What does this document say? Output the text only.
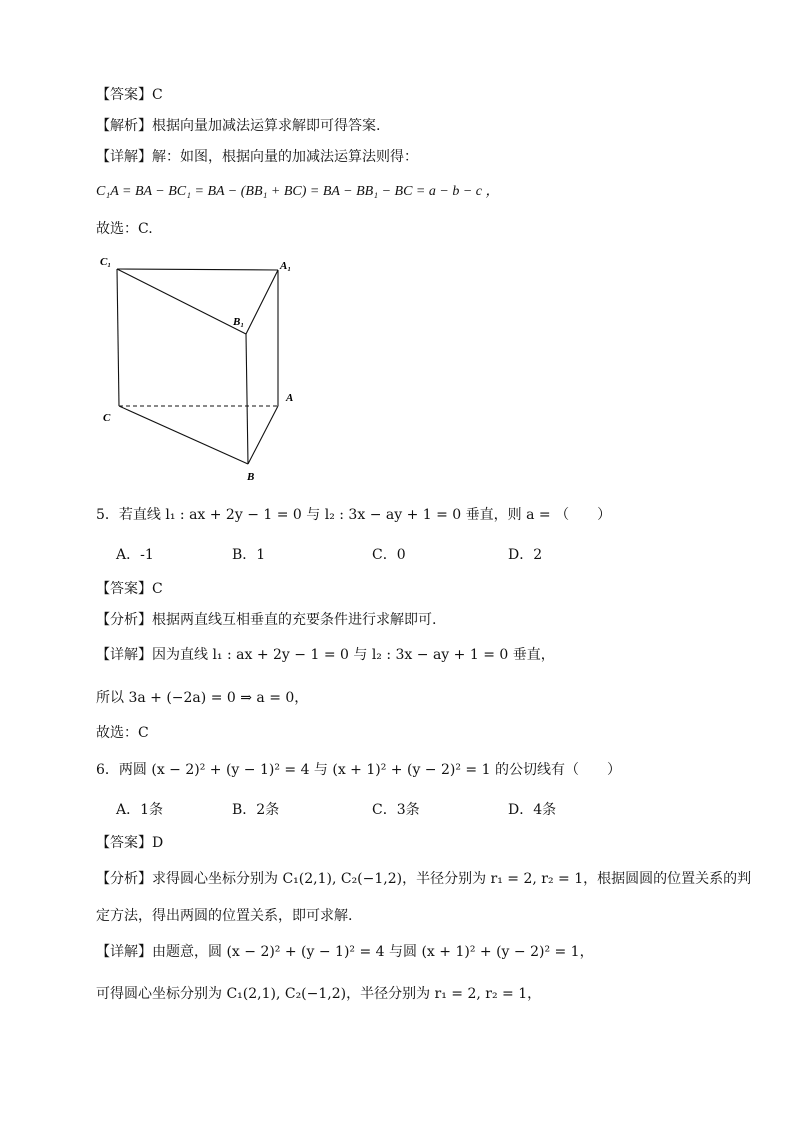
【答案】C
【解析】根据向量加减法运算求解即可得答案.
【详解】解：如图，根据向量的加减法运算法则得：
C₁A = BA − BC₁ = BA − (BB₁ + BC) = BA − BB₁ − BC = a − b − c ，
故选：C.
C₁	A₁
B₁
C
A
B
5．若直线 l₁ : ax + 2y − 1 = 0 与 l₂ : 3x − ay + 1 = 0 垂直，则 a = （　　）
A．-1	B．1	C．0	D．2
【答案】C
【分析】根据两直线互相垂直的充要条件进行求解即可.
【详解】因为直线 l₁ : ax + 2y − 1 = 0 与 l₂ : 3x − ay + 1 = 0 垂直，
所以 3a + (−2a) = 0 ⇒ a = 0，
故选：C
6．两圆 (x − 2)² + (y − 1)² = 4 与 (x + 1)² + (y − 2)² = 1 的公切线有（　　）
A．1条	B．2条	C．3条	D．4条
【答案】D
【分析】求得圆心坐标分别为 C₁(2,1), C₂(−1,2)，半径分别为 r₁ = 2, r₂ = 1，根据圆圆的位置关系的判
定方法，得出两圆的位置关系，即可求解.
【详解】由题意，圆 (x − 2)² + (y − 1)² = 4 与圆 (x + 1)² + (y − 2)² = 1，
可得圆心坐标分别为 C₁(2,1), C₂(−1,2)，半径分别为 r₁ = 2, r₂ = 1，
